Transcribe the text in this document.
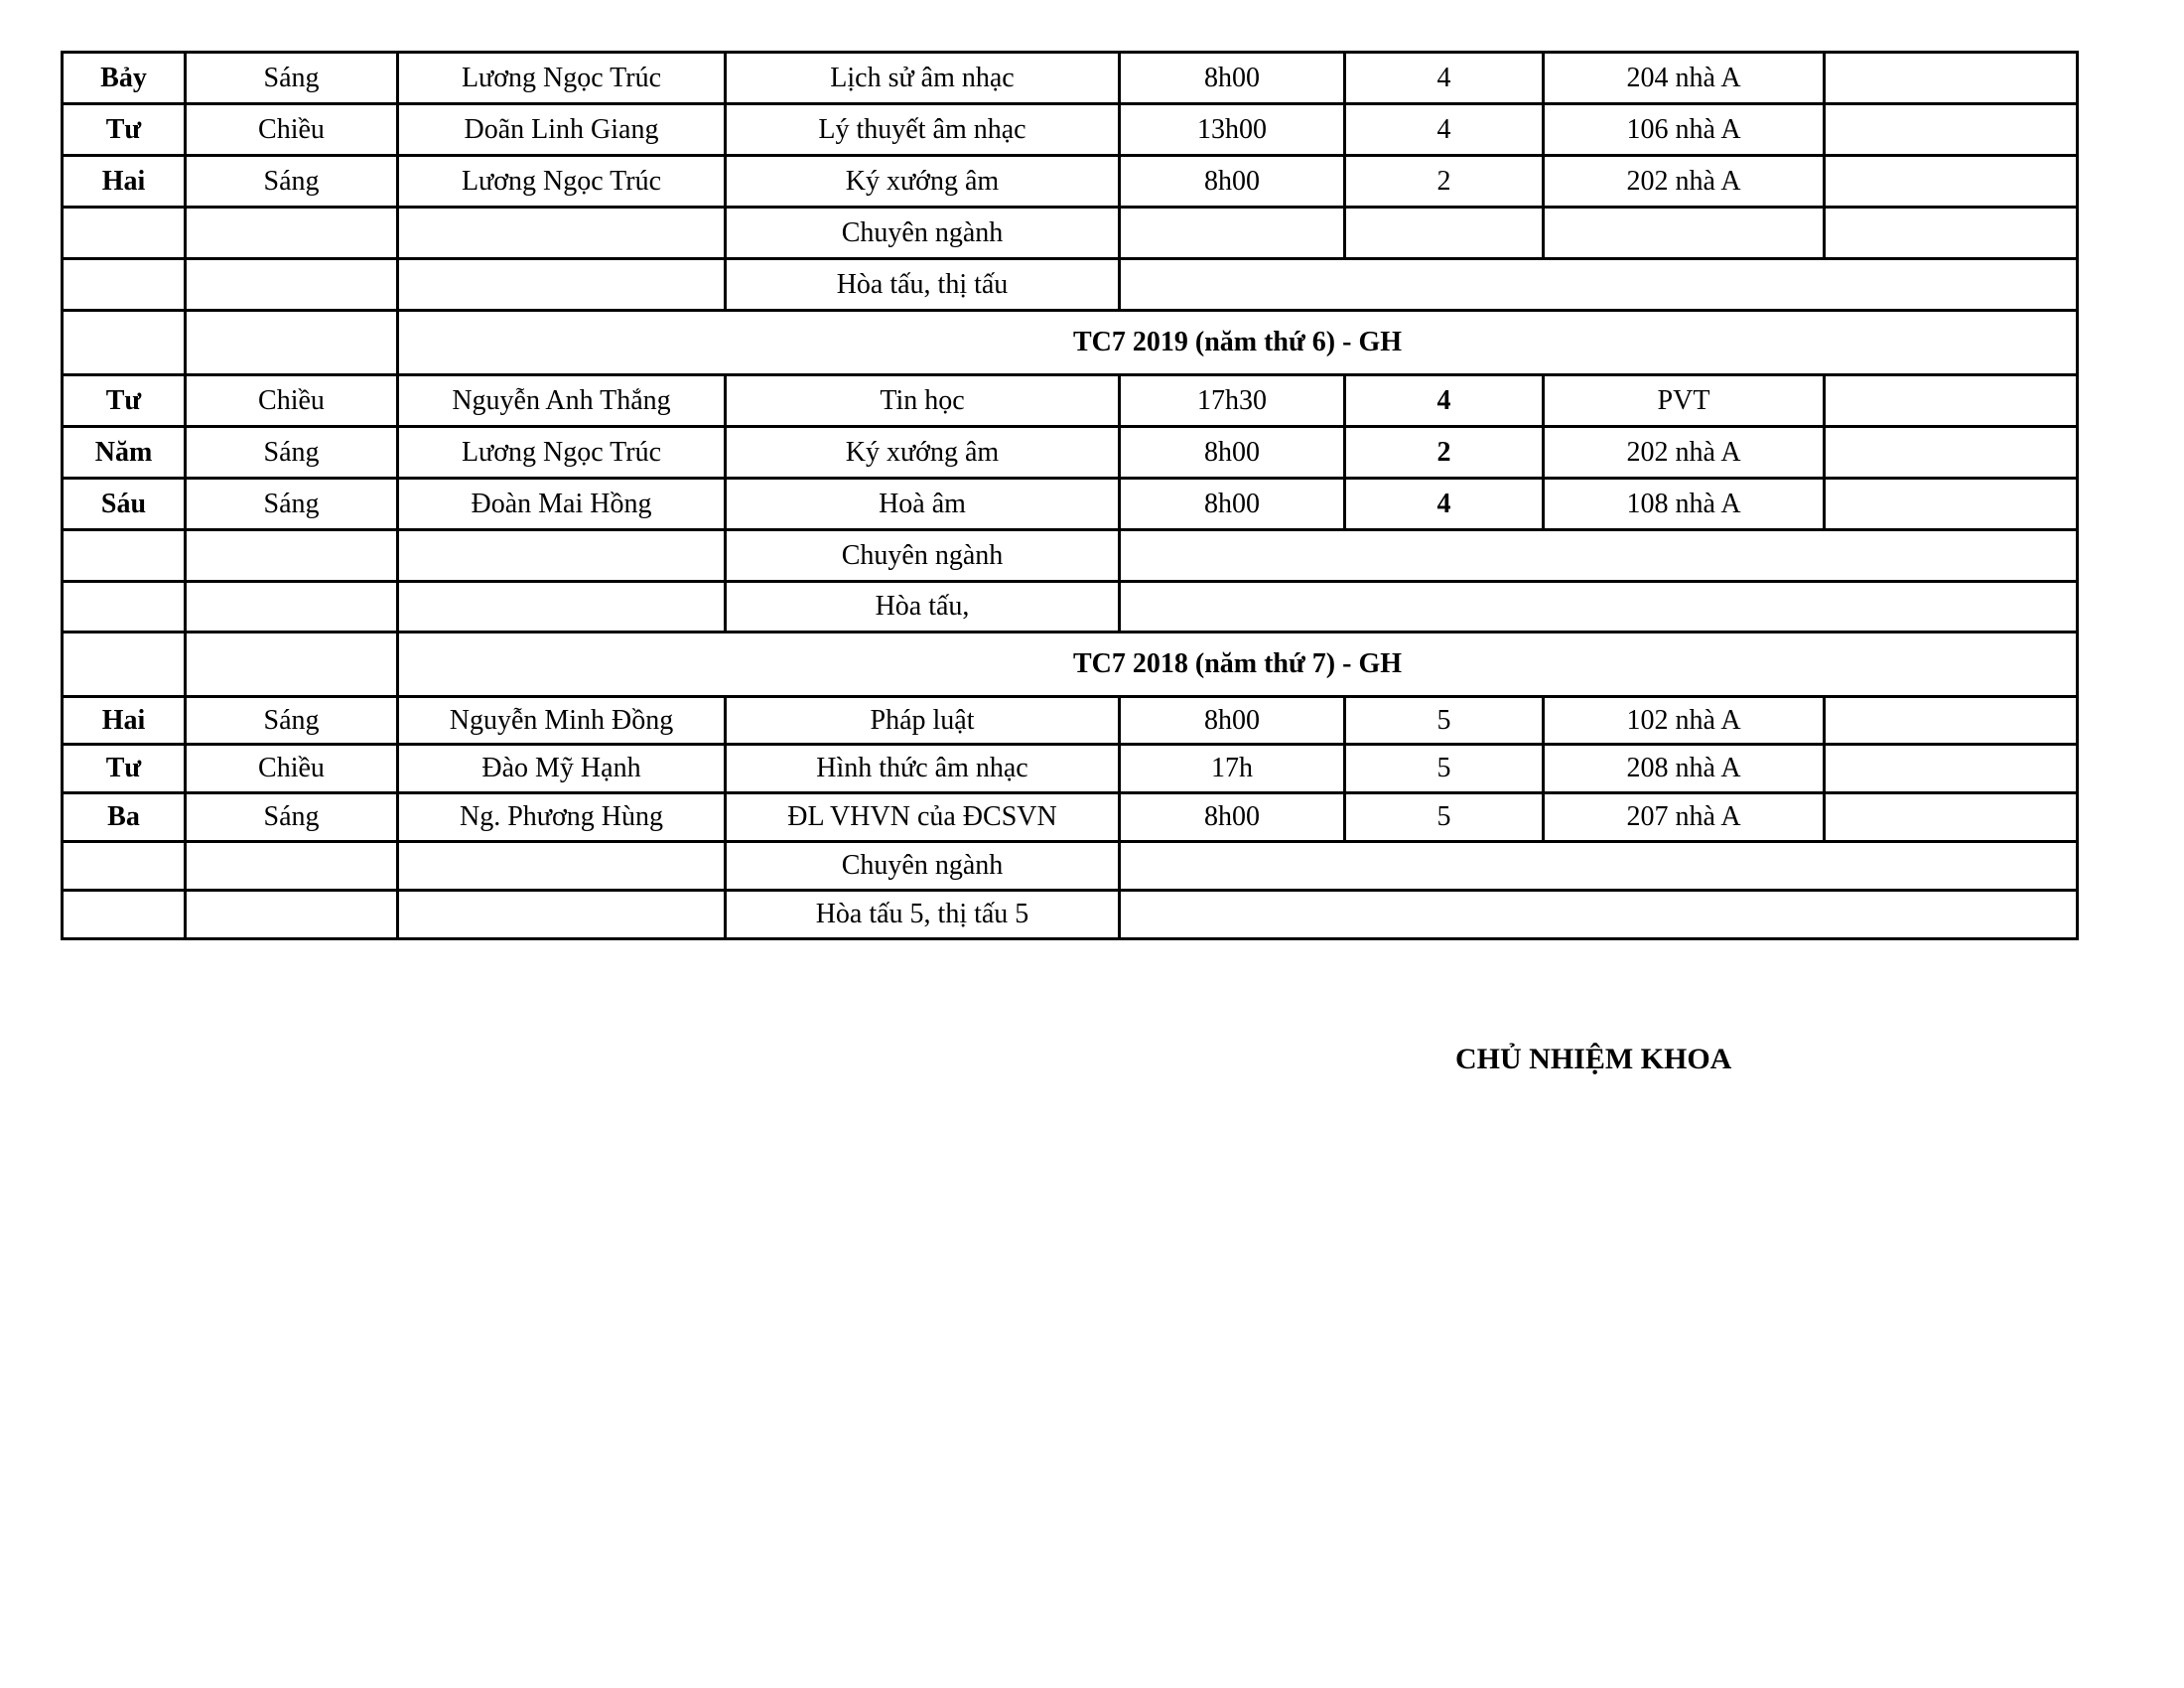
Bảy	Sáng	Lương Ngọc Trúc	Lịch sử âm nhạc	8h00	4	204 nhà A	
Tư	Chiều	Doãn Linh Giang	Lý thuyết âm nhạc	13h00	4	106 nhà A	
Hai	Sáng	Lương Ngọc Trúc	Ký xướng âm	8h00	2	202 nhà A	
			Chuyên ngành				
			Hòa tấu, thị tấu				
		TC7 2019 (năm thứ 6) - GH					
Tư	Chiều	Nguyễn Anh Thắng	Tin học	17h30	4	PVT	
Năm	Sáng	Lương Ngọc Trúc	Ký xướng âm	8h00	2	202 nhà A	
Sáu	Sáng	Đoàn Mai Hồng	Hoà âm	8h00	4	108 nhà A	
			Chuyên ngành				
			Hòa tấu,				
		TC7 2018 (năm thứ 7) - GH					
Hai	Sáng	Nguyễn Minh Đồng	Pháp luật	8h00	5	102 nhà A	
Tư	Chiều	Đào Mỹ Hạnh	Hình thức âm nhạc	17h	5	208 nhà A	
Ba	Sáng	Ng. Phương Hùng	ĐL VHVN của ĐCSVN	8h00	5	207 nhà A	
			Chuyên ngành				
			Hòa tấu 5, thị tấu 5				
CHỦ NHIỆM KHOA
